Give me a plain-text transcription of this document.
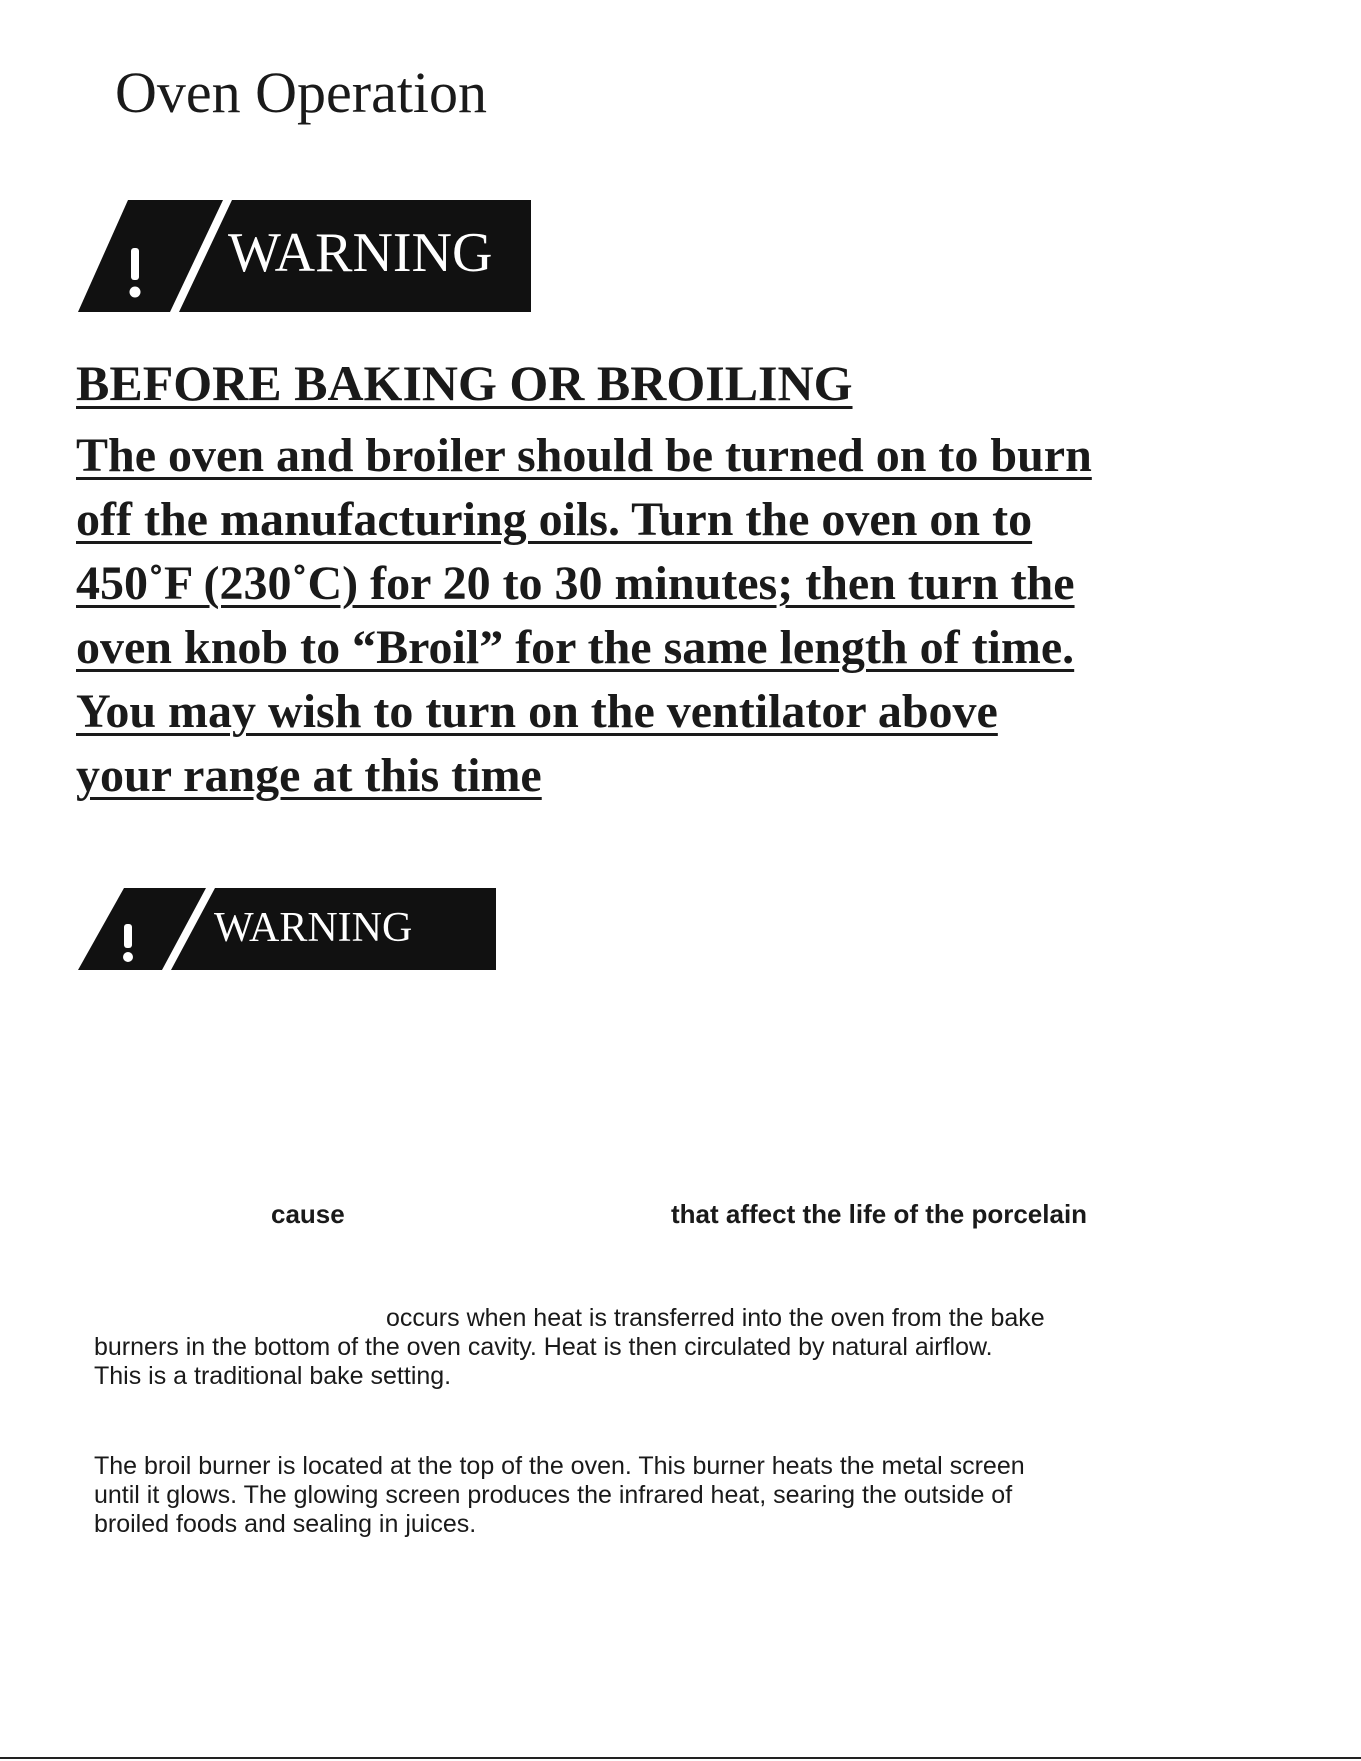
Oven Operation
WARNING
BEFORE BAKING OR BROILING

The oven and broiler should be turned on to burn
off the manufacturing oils. Turn the oven on to
450˚F (230˚C) for 20 to 30 minutes; then turn the
oven knob to “Broil” for the same length of time.
You may wish to turn on the ventilator above
your range at this time

WARNING
cause	that affect the life of the porcelain

occurs when heat is transferred into the oven from the bake
burners in the bottom of the oven cavity. Heat is then circulated by natural airflow.
This is a traditional bake setting.

The broil burner is located at the top of the oven. This burner heats the metal screen
until it glows. The glowing screen produces the infrared heat, searing the outside of
broiled foods and sealing in juices.
